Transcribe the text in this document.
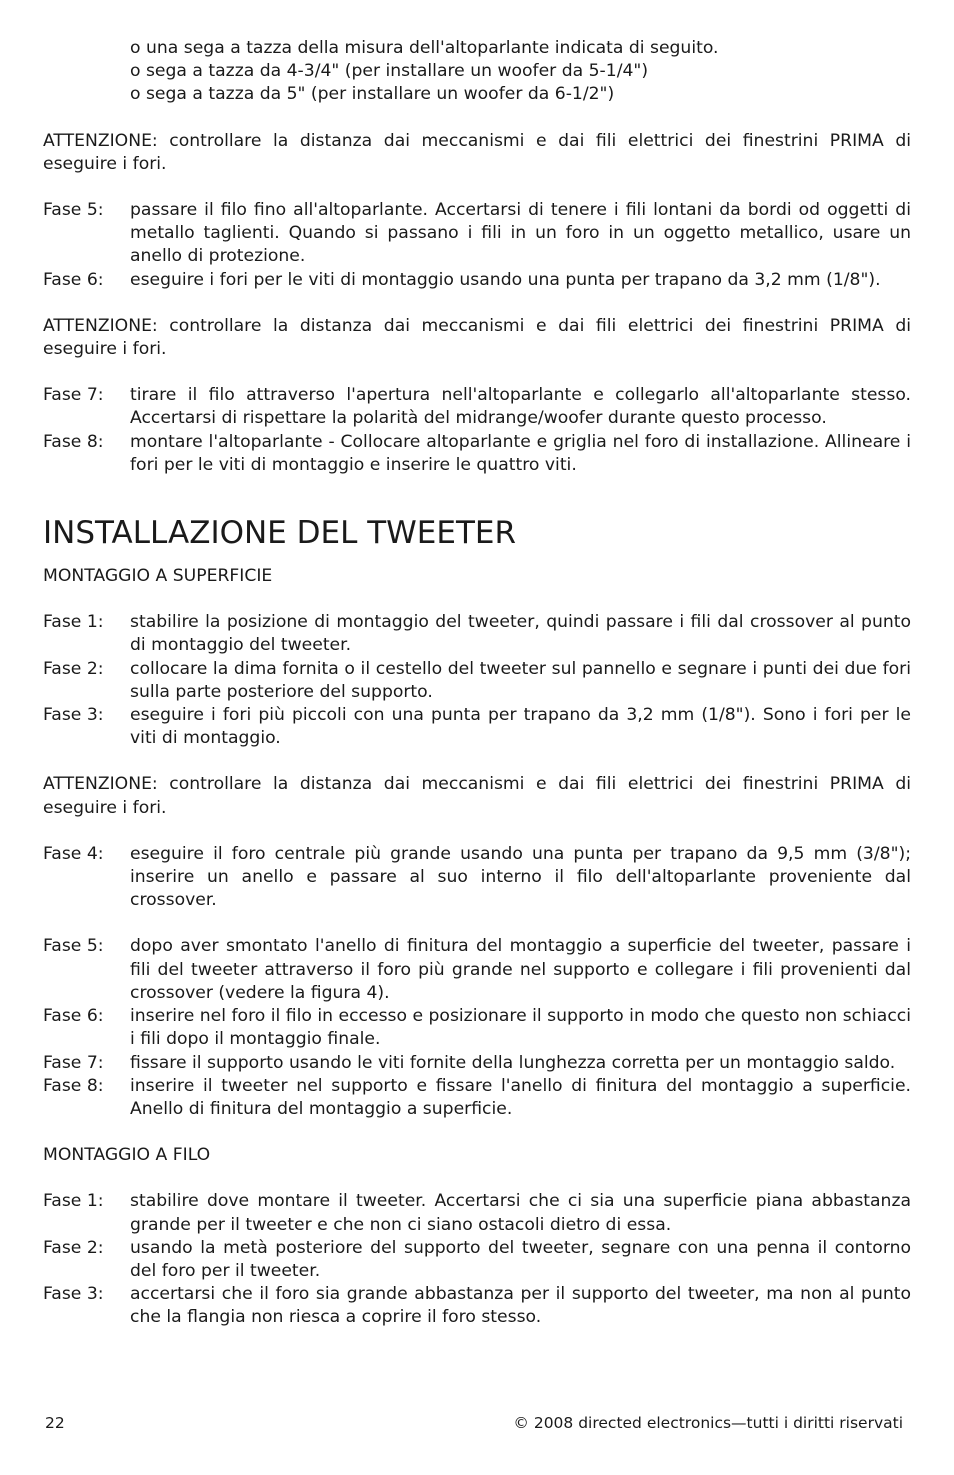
o una sega a tazza della misura dell'altoparlante indicata di seguito.
o sega a tazza da 4-3/4" (per installare un woofer da 5-1/4")
o sega a tazza da 5" (per installare un woofer da 6-1/2")

ATTENZIONE: controllare la distanza dai meccanismi e dai fili elettrici dei finestrini PRIMA di eseguire i fori.

Fase 5:	passare il filo fino all'altoparlante. Accertarsi di tenere i fili lontani da bordi od oggetti di metallo taglienti. Quando si passano i fili in un foro in un oggetto metallico, usare un anello di protezione.
Fase 6:	eseguire i fori per le viti di montaggio usando una punta per trapano da 3,2 mm (1/8").

ATTENZIONE: controllare la distanza dai meccanismi e dai fili elettrici dei finestrini PRIMA di eseguire i fori.

Fase 7:	tirare il filo attraverso l'apertura nell'altoparlante e collegarlo all'altoparlante stesso. Accertarsi di rispettare la polarità del midrange/woofer durante questo processo.
Fase 8:	montare l'altoparlante - Collocare altoparlante e griglia nel foro di installazione. Allineare i fori per le viti di montaggio e inserire le quattro viti.
INSTALLAZIONE DEL TWEETER

MONTAGGIO A SUPERFICIE

Fase 1:	stabilire la posizione di montaggio del tweeter, quindi passare i fili dal crossover al punto di montaggio del tweeter.
Fase 2:	collocare la dima fornita o il cestello del tweeter sul pannello e segnare i punti dei due fori sulla parte posteriore del supporto.
Fase 3:	eseguire i fori più piccoli con una punta per trapano da 3,2 mm (1/8"). Sono i fori per le viti di montaggio.

ATTENZIONE: controllare la distanza dai meccanismi e dai fili elettrici dei finestrini PRIMA di eseguire i fori.

Fase 4:	eseguire il foro centrale più grande usando una punta per trapano da 9,5 mm (3/8"); inserire un anello e passare al suo interno il filo dell'altoparlante proveniente dal crossover.
Fase 5:	dopo aver smontato l'anello di finitura del montaggio a superficie del tweeter, passare i fili del tweeter attraverso il foro più grande nel supporto e collegare i fili provenienti dal crossover (vedere la figura 4).
Fase 6:	inserire nel foro il filo in eccesso e posizionare il supporto in modo che questo non schiacci i fili dopo il montaggio finale.
Fase 7:	fissare il supporto usando le viti fornite della lunghezza corretta per un montaggio saldo.
Fase 8:	inserire il tweeter nel supporto e fissare l'anello di finitura del montaggio a superficie. Anello di finitura del montaggio a superficie.

MONTAGGIO A FILO

Fase 1:	stabilire dove montare il tweeter. Accertarsi che ci sia una superficie piana abbastanza grande per il tweeter e che non ci siano ostacoli dietro di essa.
Fase 2:	usando la metà posteriore del supporto del tweeter, segnare con una penna il contorno del foro per il tweeter.
Fase 3:	accertarsi che il foro sia grande abbastanza per il supporto del tweeter, ma non al punto che la flangia non riesca a coprire il foro stesso.
22	© 2008 directed electronics—tutti i diritti riservati
